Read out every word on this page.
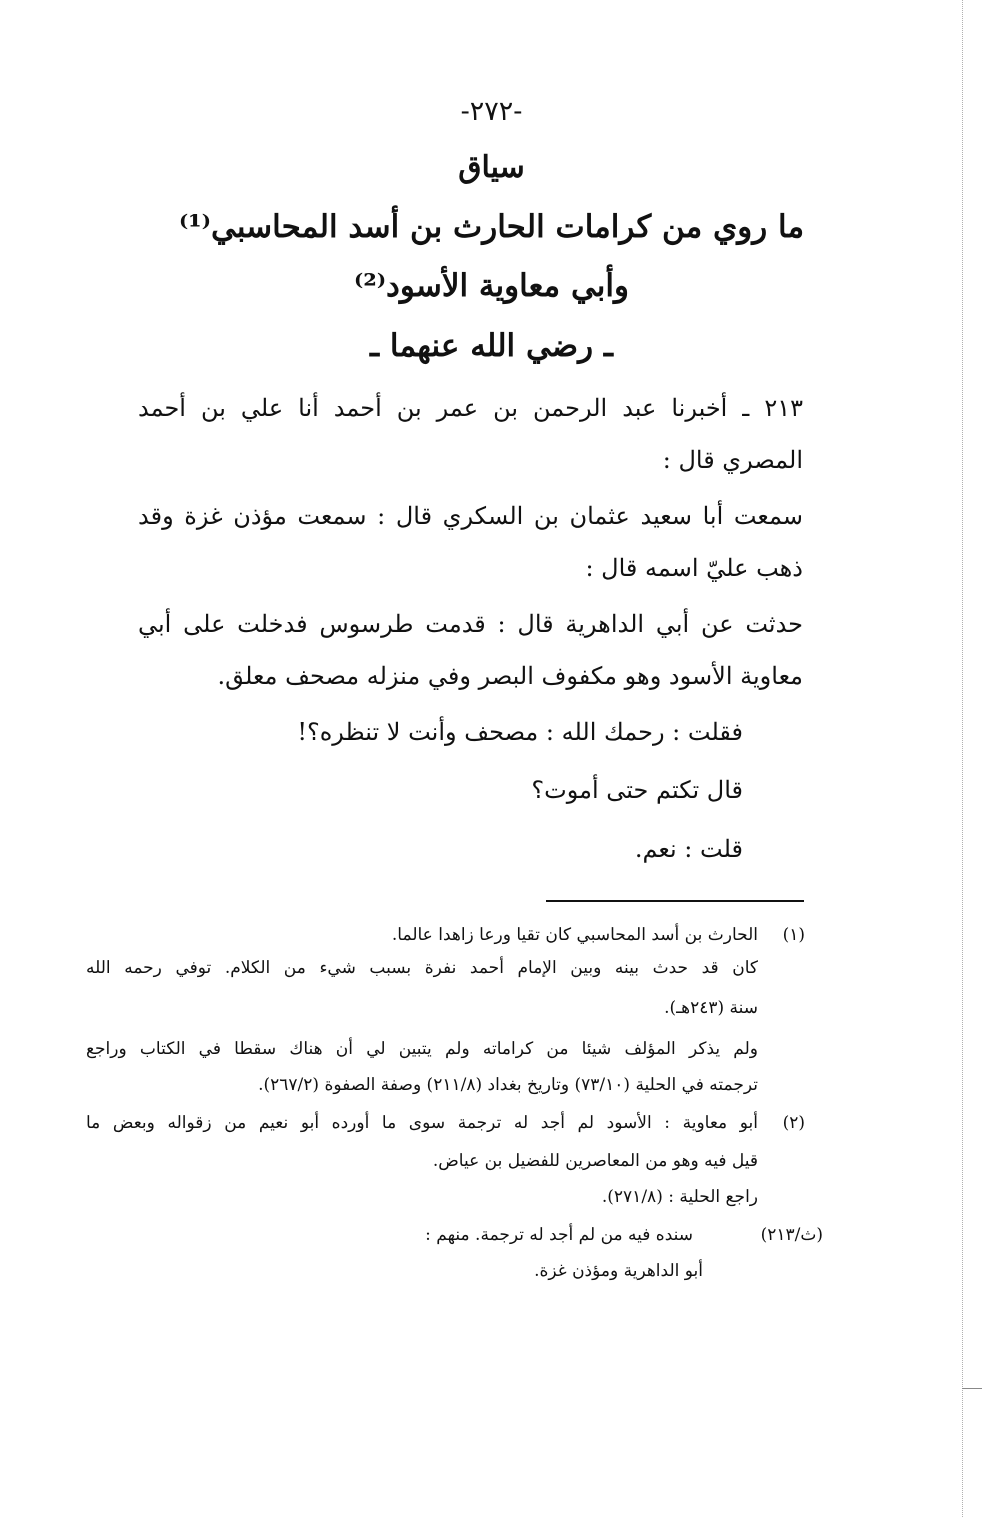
-٢٧٢-
سياق
ما روي من كرامات الحارث بن أسد المحاسبي⁽¹⁾
وأبي معاوية الأسود⁽²⁾
ـ رضي الله عنهما ـ
٢١٣ ـ أخبرنا عبد الرحمن بن عمر بن أحمد أنا علي بن أحمد المصري قال :
سمعت أبا سعيد عثمان بن السكري قال : سمعت مؤذن غزة وقد ذهب عليّ اسمه قال :
حدثت عن أبي الداهرية قال : قدمت طرسوس فدخلت على أبي معاوية الأسود وهو مكفوف البصر وفي منزله مصحف معلق.
فقلت : رحمك الله : مصحف وأنت لا تنظره؟!
قال تكتم حتى أموت؟
قلت : نعم.
(١)
الحارث بن أسد المحاسبي كان تقيا ورعا زاهدا عالما.
كان قد حدث بينه وبين الإمام أحمد نفرة بسبب شيء من الكلام. توفي رحمه الله
سنة (٢٤٣هـ).
ولم يذكر المؤلف شيئا من كراماته ولم يتبين لي أن هناك سقطا في الكتاب وراجع
ترجمته في الحلية (٧٣/١٠) وتاريخ بغداد (٢١١/٨) وصفة الصفوة (٢٦٧/٢).
(٢)
أبو معاوية : الأسود لم أجد له ترجمة سوى ما أورده أبو نعيم من زقواله وبعض ما
قيل فيه وهو من المعاصرين للفضيل بن عياض.
راجع الحلية : (٢٧١/٨).
(ث/٢١٣)
سنده فيه من لم أجد له ترجمة. منهم :
أبو الداهرية ومؤذن غزة.
